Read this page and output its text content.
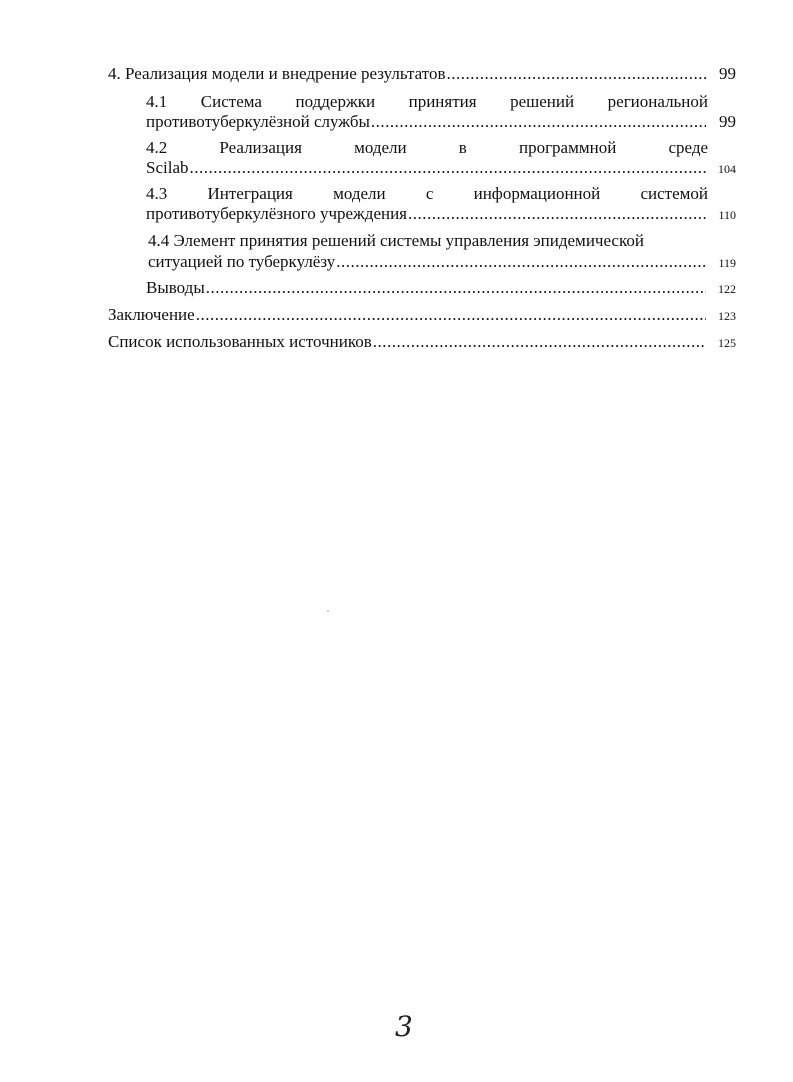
4. Реализация модели и внедрение результатов .....	99
4.1 Система поддержки принятия решений региональной
противотуберкулёзной службы .....	99
4.2 Реализация	модели	в	программной	среде
Scilab .....	104
4.3 Интеграция модели с информационной системой
противотуберкулёзного учреждения .....	110
4.4 Элемент принятия решений системы управления эпидемической
ситуацией по туберкулёзу .....	119
Выводы .....	122
Заключение .....	123
Список использованных источников .....	125
3
